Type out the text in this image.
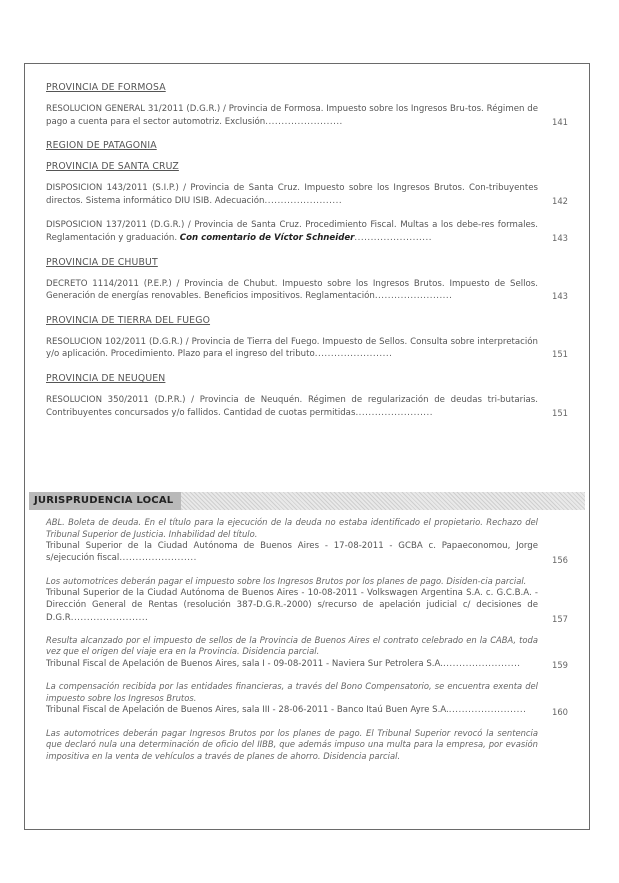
PROVINCIA DE FORMOSA
RESOLUCION GENERAL 31/2011 (D.G.R.) / Provincia de Formosa. Impuesto sobre los Ingresos Bru-tos. Régimen de pago a cuenta para el sector automotriz. Exclusión........................	141
REGION DE PATAGONIA
PROVINCIA DE SANTA CRUZ
DISPOSICION 143/2011 (S.I.P.) / Provincia de Santa Cruz. Impuesto sobre los Ingresos Brutos. Con-tribuyentes directos. Sistema informático DIU ISIB. Adecuación........................	142
DISPOSICION 137/2011 (D.G.R.) / Provincia de Santa Cruz. Procedimiento Fiscal. Multas a los debe-res formales. Reglamentación y graduación. Con comentario de Víctor Schneider........................	143
PROVINCIA DE CHUBUT
DECRETO 1114/2011 (P.E.P.) / Provincia de Chubut. Impuesto sobre los Ingresos Brutos. Impuesto de Sellos. Generación de energías renovables. Beneficios impositivos. Reglamentación........................	143
PROVINCIA DE TIERRA DEL FUEGO
RESOLUCION 102/2011 (D.G.R.) / Provincia de Tierra del Fuego. Impuesto de Sellos. Consulta sobre interpretación y/o aplicación. Procedimiento. Plazo para el ingreso del tributo........................	151
PROVINCIA DE NEUQUEN
RESOLUCION 350/2011 (D.P.R.) / Provincia de Neuquén. Régimen de regularización de deudas tri-butarias. Contribuyentes concursados y/o fallidos. Cantidad de cuotas permitidas........................	151
JURISPRUDENCIA LOCAL
ABL. Boleta de deuda. En el título para la ejecución de la deuda no estaba identificado el propietario. Rechazo del Tribunal Superior de Justicia. Inhabilidad del título.
Tribunal Superior de la Ciudad Autónoma de Buenos Aires - 17-08-2011 - GCBA c. Papaeconomou, Jorge s/ejecución fiscal........................	156
Los automotrices deberán pagar el impuesto sobre los Ingresos Brutos por los planes de pago. Disiden-cia parcial.
Tribunal Superior de la Ciudad Autónoma de Buenos Aires - 10-08-2011 - Volkswagen Argentina S.A. c. G.C.B.A. - Dirección General de Rentas (resolución 387-D.G.R.-2000) s/recurso de apelación judicial c/ decisiones de D.G.R........................	157
Resulta alcanzado por el impuesto de sellos de la Provincia de Buenos Aires el contrato celebrado en la CABA, toda vez que el origen del viaje era en la Provincia. Disidencia parcial.
Tribunal Fiscal de Apelación de Buenos Aires, sala I - 09-08-2011 - Naviera Sur Petrolera S.A.........................	159
La compensación recibida por las entidades financieras, a través del Bono Compensatorio, se encuentra exenta del impuesto sobre los Ingresos Brutos.
Tribunal Fiscal de Apelación de Buenos Aires, sala III - 28-06-2011 - Banco Itaú Buen Ayre S.A.........................	160
Las automotrices deberán pagar Ingresos Brutos por los planes de pago. El Tribunal Superior revocó la sentencia que declaró nula una determinación de oficio del IIBB, que además impuso una multa para la empresa, por evasión impositiva en la venta de vehículos a través de planes de ahorro. Disidencia parcial.
